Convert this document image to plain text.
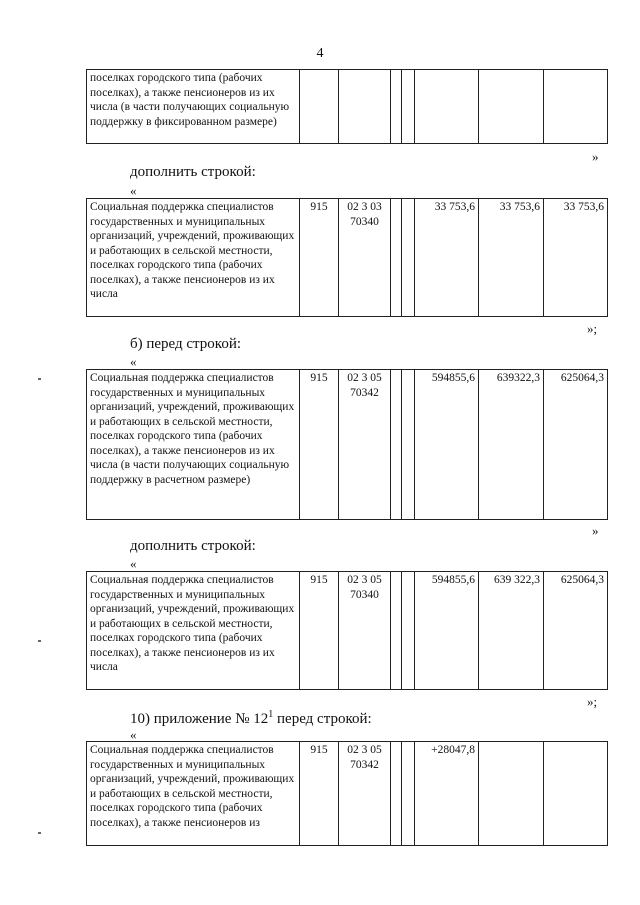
4
поселках городского типа (рабочих поселках), а также пенсионеров из их числа (в части получающих социальную поддержку в фиксированном размере)							
»
дополнить строкой:
«
Социальная поддержка специалистов государственных и муниципальных организаций, учреждений, проживающих и работающих в сельской местности, поселках городского типа (рабочих поселках), а также пенсионеров из их числа	915	02 3 03
70340			33 753,6	33 753,6	33 753,6
»;
б) перед строкой:
«
Социальная поддержка специалистов государственных и муниципальных организаций, учреждений, проживающих и работающих в сельской местности, поселках городского типа (рабочих поселках), а также пенсионеров из их числа (в части получающих социальную поддержку в расчетном размере)	915	02 3 05
70342			594855,6	639322,3	625064,3
»
дополнить строкой:
«
Социальная поддержка специалистов государственных и муниципальных организаций, учреждений, проживающих и работающих в сельской местности, поселках городского типа (рабочих поселках), а также пенсионеров из их числа	915	02 3 05
70340			594855,6	639 322,3	625064,3
»;
10) приложение № $12^1$ перед строкой:
«
Социальная поддержка специалистов государственных и муниципальных организаций, учреждений, проживающих и работающих в сельской местности, поселках городского типа (рабочих поселках), а также пенсионеров из	915	02 3 05
70342			+28047,8		
